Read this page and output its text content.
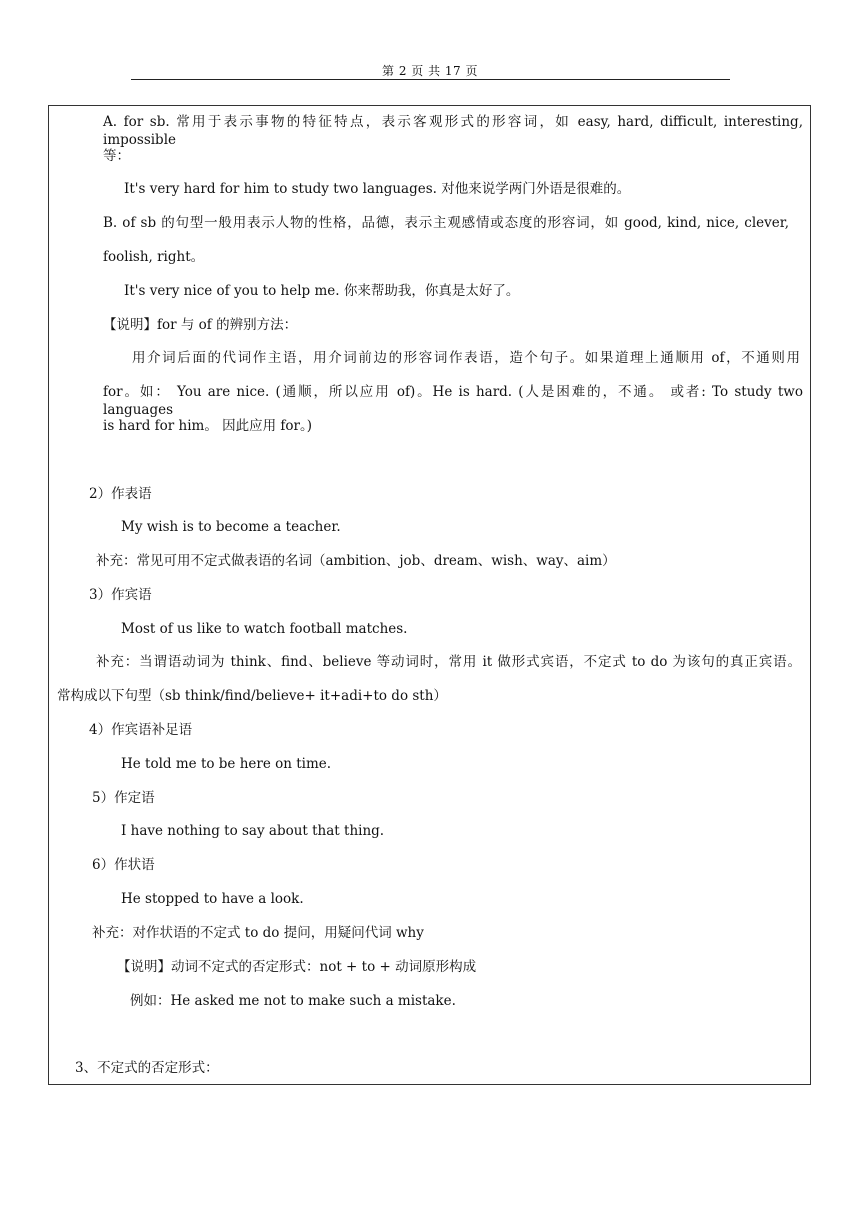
第 2 页 共 17 页
A. for sb. 常用于表示事物的特征特点，表示客观形式的形容词，如 easy, hard, difficult, interesting, impossible
等：
It's very hard for him to study two languages. 对他来说学两门外语是很难的。
B. of sb 的句型一般用表示人物的性格，品德，表示主观感情或态度的形容词，如 good, kind, nice, clever,
foolish, right。
It's very nice of you to help me. 你来帮助我，你真是太好了。
【说明】for 与 of 的辨别方法：
用介词后面的代词作主语，用介词前边的形容词作表语，造个句子。如果道理上通顺用 of，不通则用
for。如： You are nice. (通顺，所以应用 of)。He is hard. (人是困难的，不通。 或者: To study two languages
is hard for him。 因此应用 for。)
2）作表语
My wish is to become a teacher.
补充：常见可用不定式做表语的名词（ambition、job、dream、wish、way、aim）
3）作宾语
Most of us like to watch football matches.
补充：当谓语动词为 think、find、believe 等动词时，常用 it 做形式宾语，不定式 to do 为该句的真正宾语。
常构成以下句型（sb think/find/believe+ it+adi+to do sth）
4）作宾语补足语
He told me to be here on time.
5）作定语
I have nothing to say about that thing.
6）作状语
He stopped to have a look.
补充：对作状语的不定式 to do 提问，用疑问代词 why
【说明】动词不定式的否定形式：not + to + 动词原形构成
例如：He asked me not to make such a mistake.
3、不定式的否定形式：
